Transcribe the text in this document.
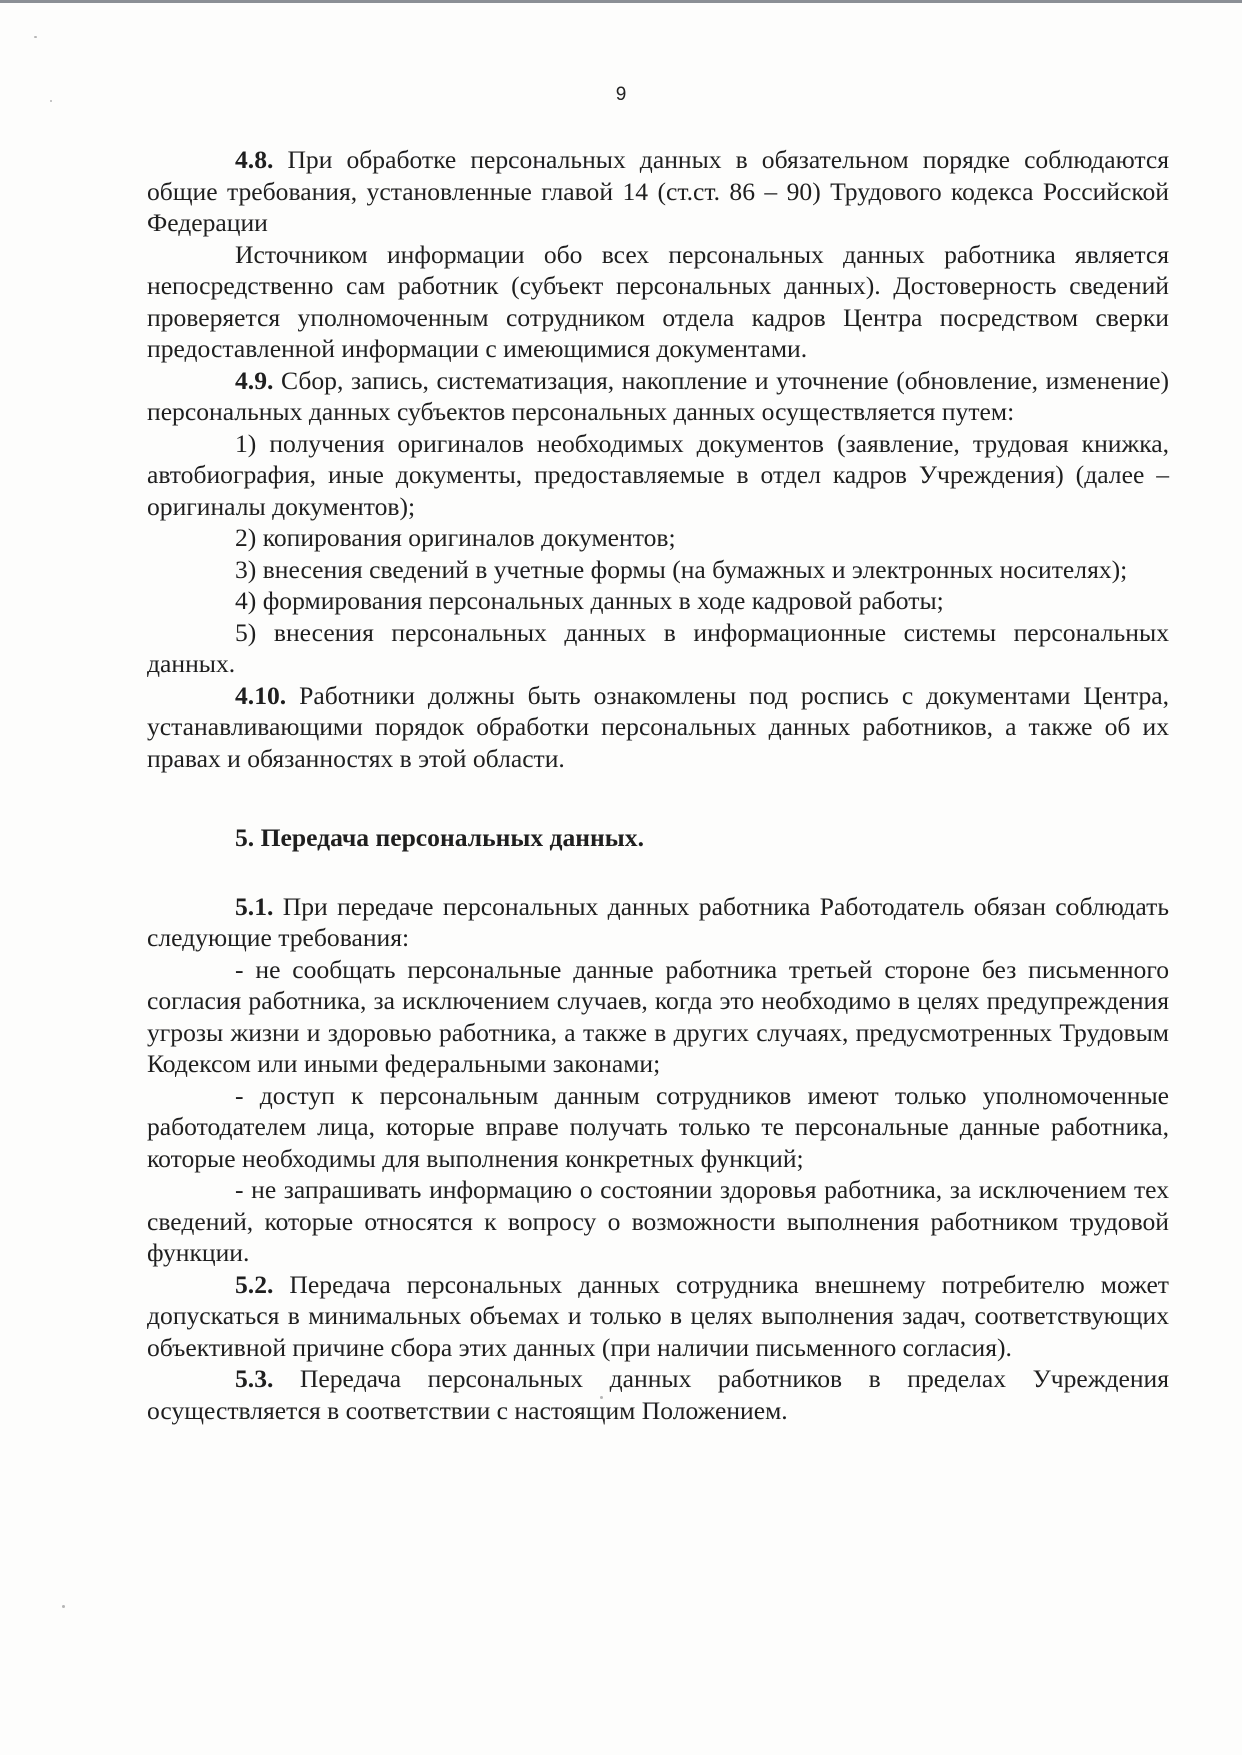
9

4.8. При обработке персональных данных в обязательном порядке соблюдаются общие требования, установленные главой 14 (ст.ст. 86 – 90) Трудового кодекса Российской Федерации

Источником информации обо всех персональных данных работника является непосредственно сам работник (субъект персональных данных). Достоверность сведений проверяется уполномоченным сотрудником отдела кадров Центра посредством сверки предоставленной информации с имеющимися документами.

4.9. Сбор, запись, систематизация, накопление и уточнение (обновление, изменение) персональных данных субъектов персональных данных осуществляется путем:

1) получения оригиналов необходимых документов (заявление, трудовая книжка, автобиография, иные документы, предоставляемые в отдел кадров Учреждения) (далее – оригиналы документов);

2) копирования оригиналов документов;

3) внесения сведений в учетные формы (на бумажных и электронных носителях);

4) формирования персональных данных в ходе кадровой работы;

5) внесения персональных данных в информационные системы персональных данных.

4.10. Работники должны быть ознакомлены под роспись с документами Центра, устанавливающими порядок обработки персональных данных работников, а также об их правах и обязанностях в этой области.

5. Передача персональных данных.

5.1. При передаче персональных данных работника Работодатель обязан соблюдать следующие требования:

- не сообщать персональные данные работника третьей стороне без письменного согласия работника, за исключением случаев, когда это необходимо в целях предупреждения угрозы жизни и здоровью работника, а также в других случаях, предусмотренных Трудовым Кодексом или иными федеральными законами;

- доступ к персональным данным сотрудников имеют только уполномоченные работодателем лица, которые вправе получать только те персональные данные работника, которые необходимы для выполнения конкретных функций;

- не запрашивать информацию о состоянии здоровья работника, за исключением тех сведений, которые относятся к вопросу о возможности выполнения работником трудовой функции.

5.2. Передача персональных данных сотрудника внешнему потребителю может допускаться в минимальных объемах и только в целях выполнения задач, соответствующих объективной причине сбора этих данных (при наличии письменного согласия).

5.3. Передача персональных данных работников в пределах Учреждения осуществляется в соответствии с настоящим Положением.
